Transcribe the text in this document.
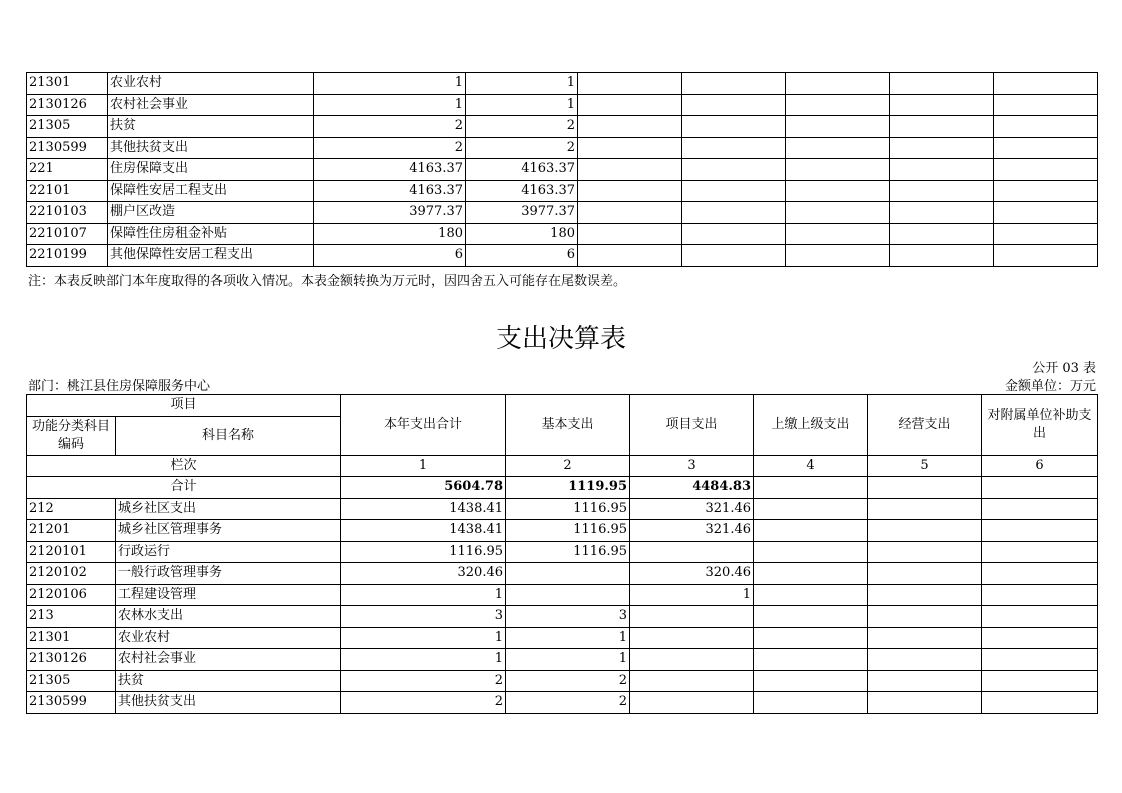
21301	农业农村	1	1					
2130126	农村社会事业	1	1					
21305	扶贫	2	2					
2130599	其他扶贫支出	2	2					
221	住房保障支出	4163.37	4163.37					
22101	保障性安居工程支出	4163.37	4163.37					
2210103	棚户区改造	3977.37	3977.37					
2210107	保障性住房租金补贴	180	180					
2210199	其他保障性安居工程支出	6	6					
注：本表反映部门本年度取得的各项收入情况。本表金额转换为万元时，因四舍五入可能存在尾数误差。
支出决算表
公开 03 表
部门：桃江县住房保障服务中心	金额单位：万元
项目		本年支出合计	基本支出	项目支出	上缴上级支出	经营支出	对附属单位补助支出
功能分类科目编码	科目名称						
栏次		1	2	3	4	5	6
合计		5604.78	1119.95	4484.83			
212	城乡社区支出	1438.41	1116.95	321.46			
21201	城乡社区管理事务	1438.41	1116.95	321.46			
2120101	行政运行	1116.95	1116.95				
2120102	一般行政管理事务	320.46		320.46			
2120106	工程建设管理	1		1			
213	农林水支出	3	3				
21301	农业农村	1	1				
2130126	农村社会事业	1	1				
21305	扶贫	2	2				
2130599	其他扶贫支出	2	2				
